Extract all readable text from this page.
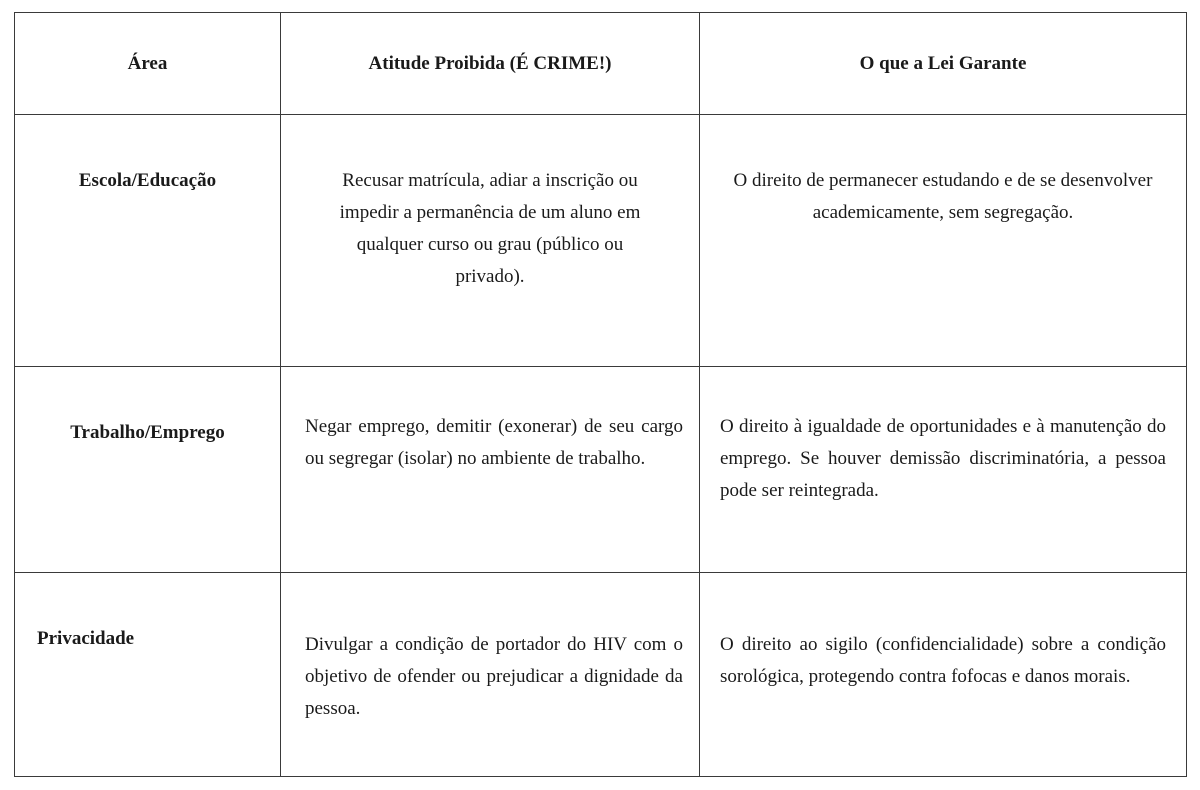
Área	Atitude Proibida (É CRIME!)	O que a Lei Garante
Escola/Educação	Recusar matrícula, adiar a inscrição ou impedir a permanência de um aluno em qualquer curso ou grau (público ou privado).	O direito de permanecer estudando e de se desenvolver academicamente, sem segregação.
Trabalho/Emprego	Negar emprego, demitir (exonerar) de seu cargo ou segregar (isolar) no ambiente de trabalho.	O direito à igualdade de oportunidades e à manutenção do emprego. Se houver demissão discriminatória, a pessoa pode ser reintegrada.
Privacidade	Divulgar a condição de portador do HIV com o objetivo de ofender ou prejudicar a dignidade da pessoa.	O direito ao sigilo (confidencialidade) sobre a condição sorológica, protegendo contra fofocas e danos morais.
